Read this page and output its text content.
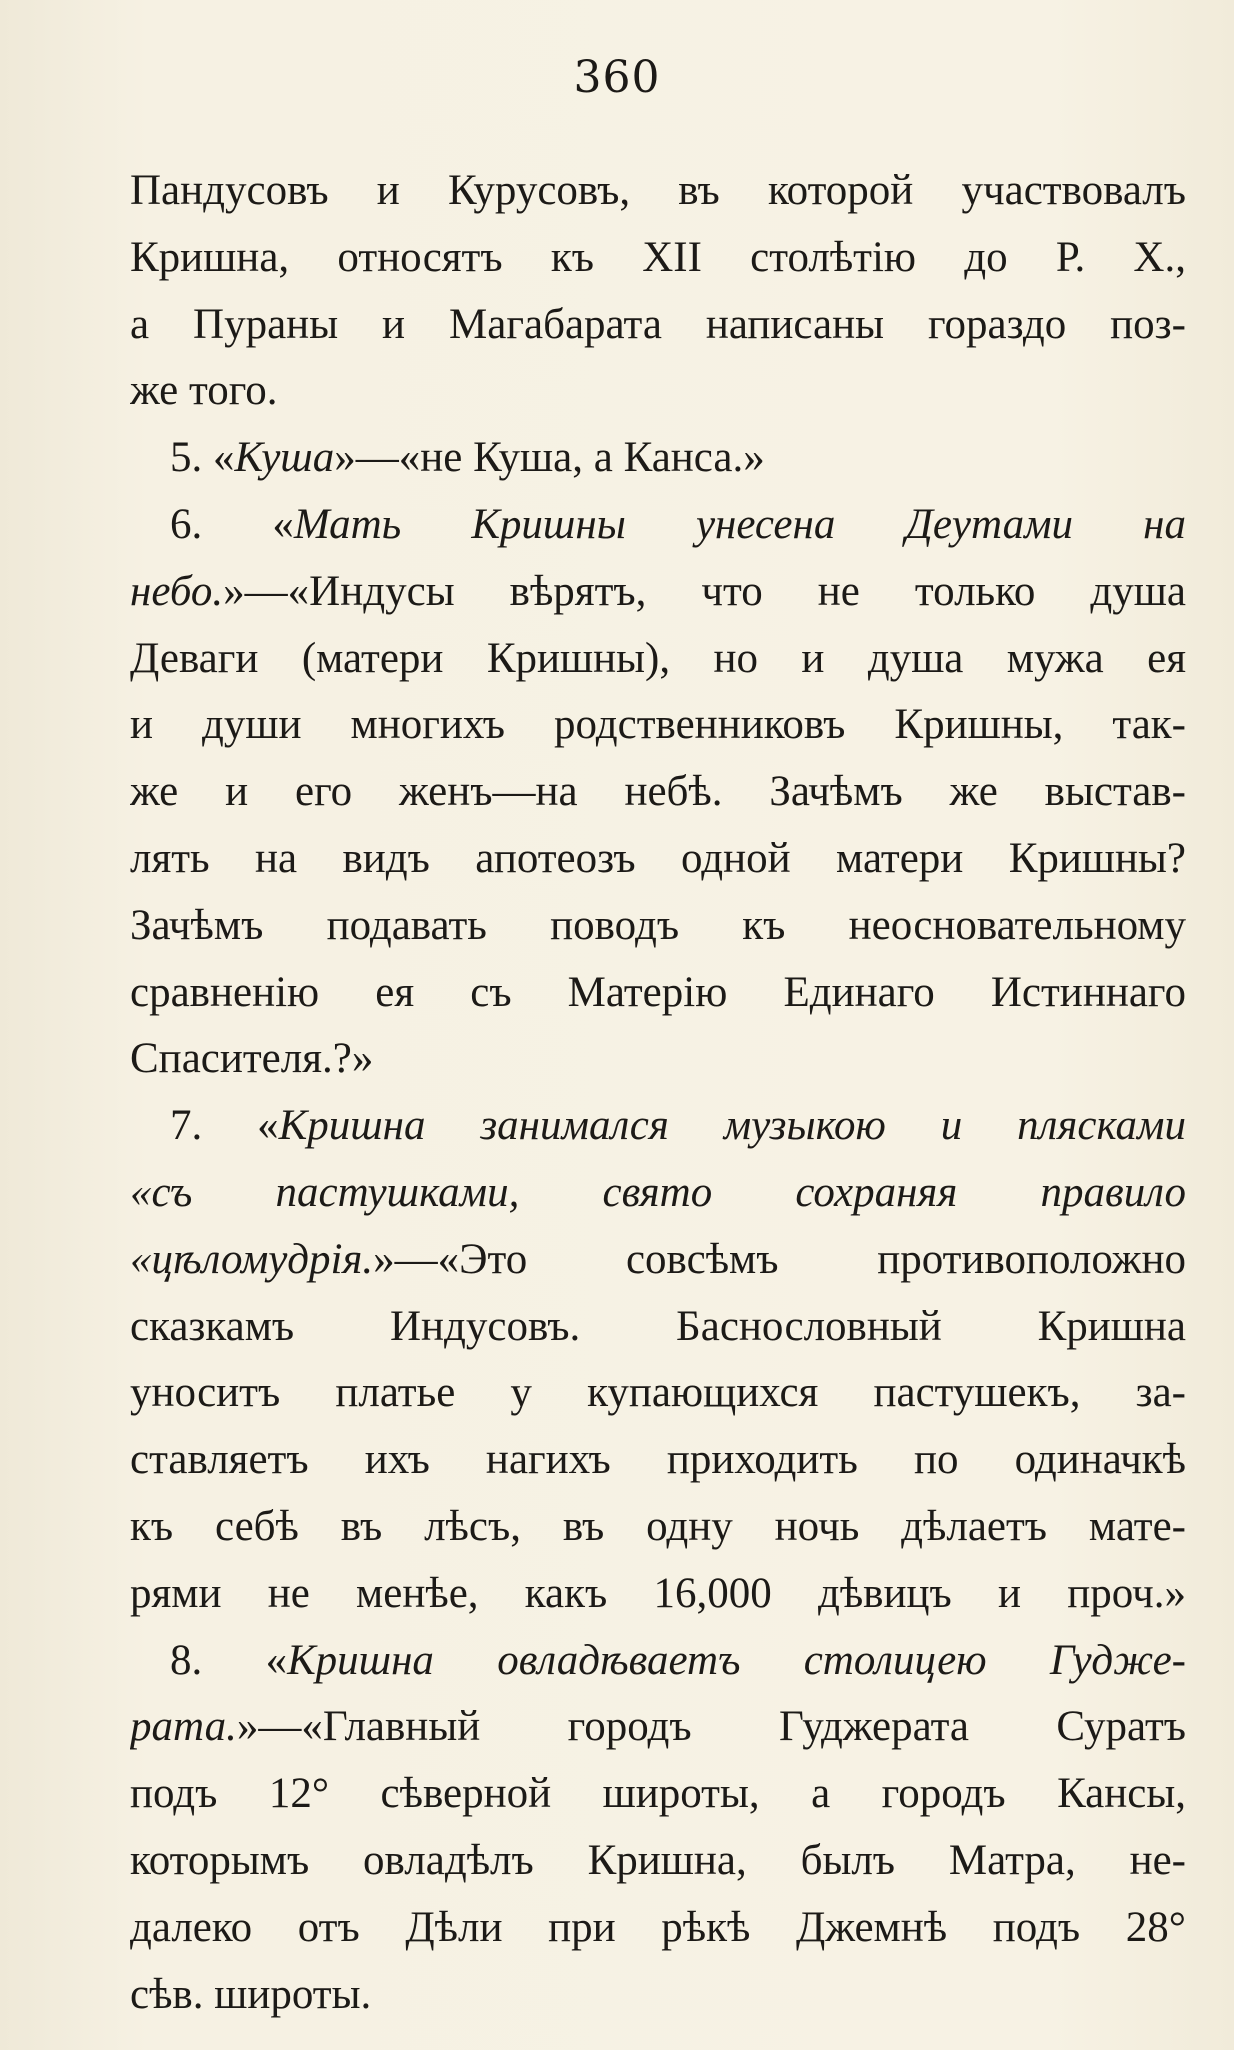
360
Пандусовъ и Курусовъ, въ которой участвовалъ
Кришна, относятъ къ XII столѣтію до Р. Х.,
а Пураны и Магабарата написаны гораздо поз-
же того.
5. «Куша»—«не Куша, а Канса.»
6. «Мать Кришны унесена Деутами на
небо.»—«Индусы вѣрятъ, что не только душа
Деваги (матери Кришны), но и душа мужа ея
и души многихъ родственниковъ Кришны, так-
же и его женъ—на небѣ. Зачѣмъ же выстав-
лять на видъ апотеозъ одной матери Кришны?
Зачѣмъ подавать поводъ къ неосновательному
сравненію ея съ Матерію Единаго Истиннаго
Спасителя.?»
7. «Кришна занимался музыкою и плясками
«съ пастушками, свято сохраняя правило
«цѣломудрія.»—«Это совсѣмъ противоположно
сказкамъ Индусовъ. Баснословный Кришна
уноситъ платье у купающихся пастушекъ, за-
ставляетъ ихъ нагихъ приходить по одиначкѣ
къ себѣ въ лѣсъ, въ одну ночь дѣлаетъ мате-
рями не менѣе, какъ 16,000 дѣвицъ и проч.»
8. «Кришна овладѣваетъ столицею Гудже-
рата.»—«Главный городъ Гуджерата Суратъ
подъ 12° сѣверной широты, а городъ Кансы,
которымъ овладѣлъ Кришна, былъ Матра, не-
далеко отъ Дѣли при рѣкѣ Джемнѣ подъ 28°
сѣв. широты.
